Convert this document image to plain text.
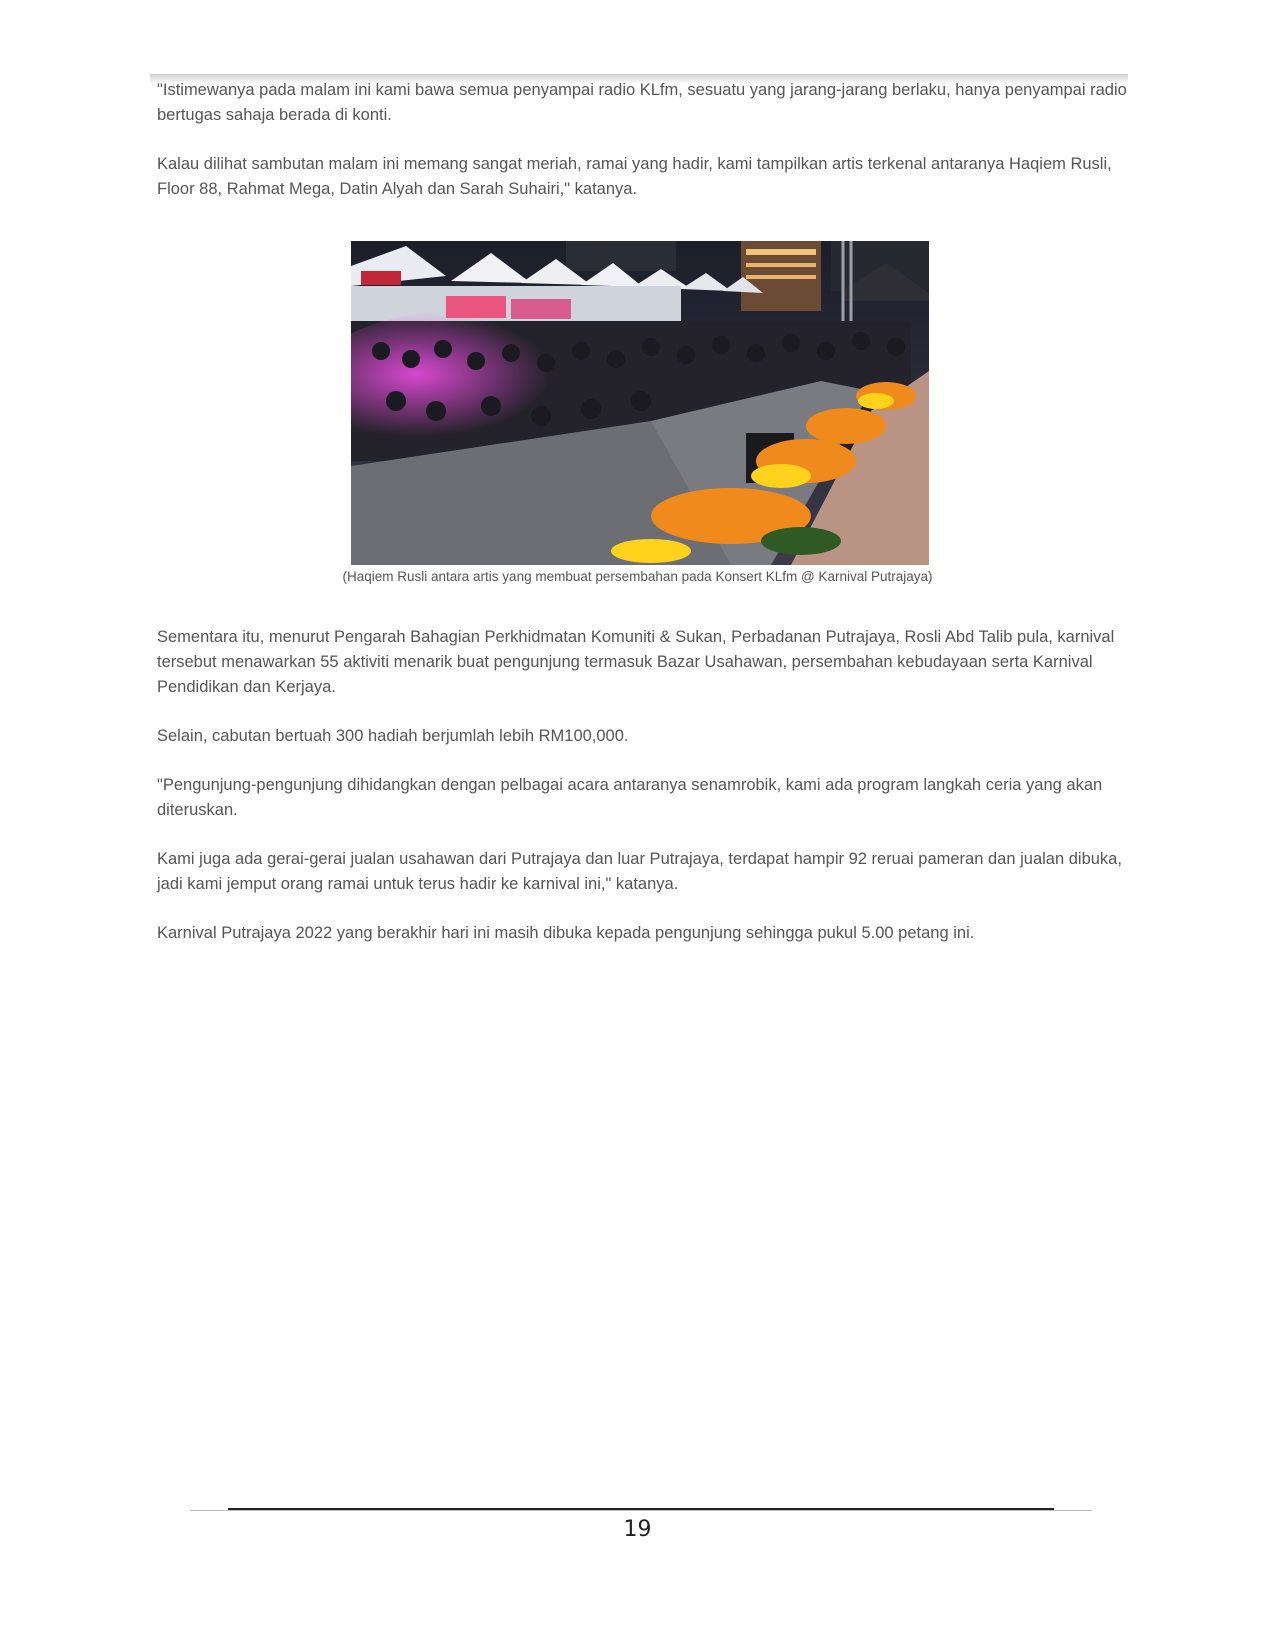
"Istimewanya pada malam ini kami bawa semua penyampai radio KLfm, sesuatu yang jarang-jarang berlaku, hanya penyampai radio bertugas sahaja berada di konti.

Kalau dilihat sambutan malam ini memang sangat meriah, ramai yang hadir, kami tampilkan artis terkenal antaranya Haqiem Rusli, Floor 88, Rahmat Mega, Datin Alyah dan Sarah Suhairi," katanya.

(Haqiem Rusli antara artis yang membuat persembahan pada Konsert KLfm @ Karnival Putrajaya)

Sementara itu, menurut Pengarah Bahagian Perkhidmatan Komuniti & Sukan, Perbadanan Putrajaya, Rosli Abd Talib pula, karnival tersebut menawarkan 55 aktiviti menarik buat pengunjung termasuk Bazar Usahawan, persembahan kebudayaan serta Karnival Pendidikan dan Kerjaya.

Selain, cabutan bertuah 300 hadiah berjumlah lebih RM100,000.

"Pengunjung-pengunjung dihidangkan dengan pelbagai acara antaranya senamrobik, kami ada program langkah ceria yang akan diteruskan.

Kami juga ada gerai-gerai jualan usahawan dari Putrajaya dan luar Putrajaya, terdapat hampir 92 reruai pameran dan jualan dibuka, jadi kami jemput orang ramai untuk terus hadir ke karnival ini," katanya.

Karnival Putrajaya 2022 yang berakhir hari ini masih dibuka kepada pengunjung sehingga pukul 5.00 petang ini.

19
